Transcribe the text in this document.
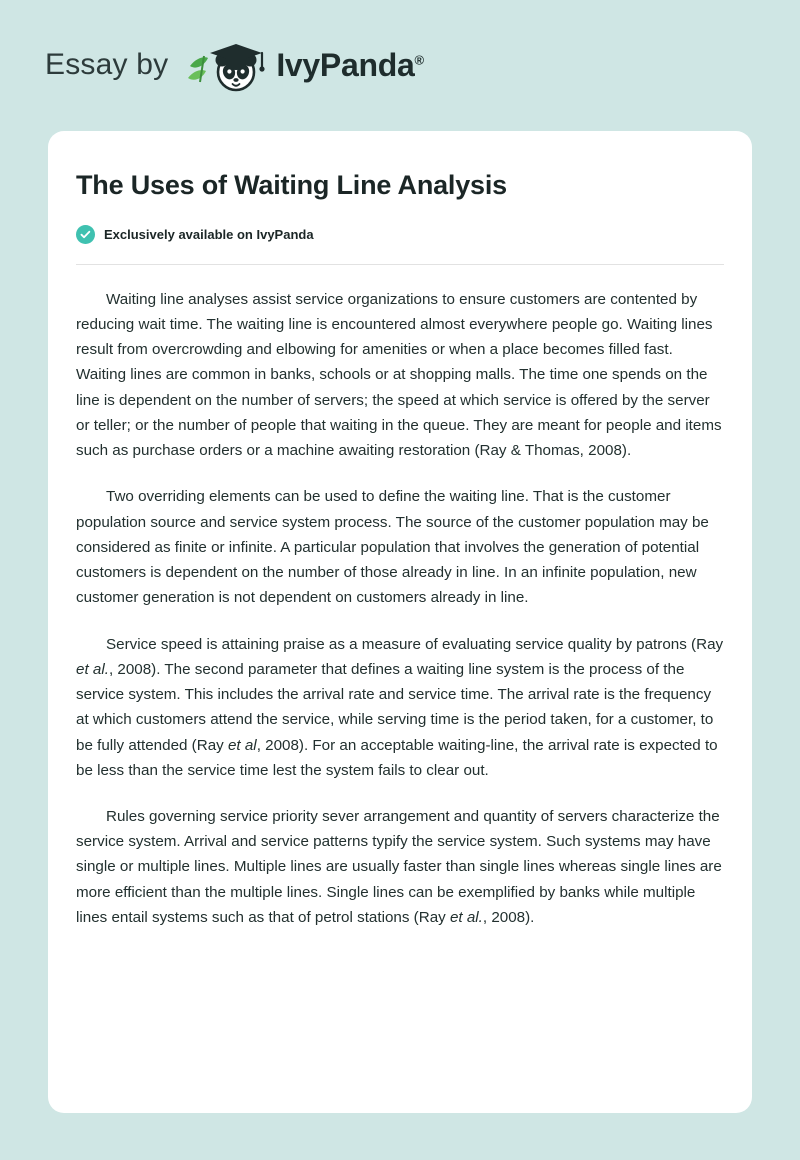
Essay by	IvyPanda®
The Uses of Waiting Line Analysis
Exclusively available on IvyPanda

Waiting line analyses assist service organizations to ensure customers are contented by reducing wait time. The waiting line is encountered almost everywhere people go. Waiting lines result from overcrowding and elbowing for amenities or when a place becomes filled fast. Waiting lines are common in banks, schools or at shopping malls. The time one spends on the line is dependent on the number of servers; the speed at which service is offered by the server or teller; or the number of people that waiting in the queue. They are meant for people and items such as purchase orders or a machine awaiting restoration (Ray & Thomas, 2008).

Two overriding elements can be used to define the waiting line. That is the customer population source and service system process. The source of the customer population may be considered as finite or infinite. A particular population that involves the generation of potential customers is dependent on the number of those already in line. In an infinite population, new customer generation is not dependent on customers already in line.

Service speed is attaining praise as a measure of evaluating service quality by patrons (Ray et al., 2008). The second parameter that defines a waiting line system is the process of the service system. This includes the arrival rate and service time. The arrival rate is the frequency at which customers attend the service, while serving time is the period taken, for a customer, to be fully attended (Ray et al, 2008). For an acceptable waiting-line, the arrival rate is expected to be less than the service time lest the system fails to clear out.

Rules governing service priority sever arrangement and quantity of servers characterize the service system. Arrival and service patterns typify the service system. Such systems may have single or multiple lines. Multiple lines are usually faster than single lines whereas single lines are more efficient than the multiple lines. Single lines can be exemplified by banks while multiple lines entail systems such as that of petrol stations (Ray et al., 2008).
